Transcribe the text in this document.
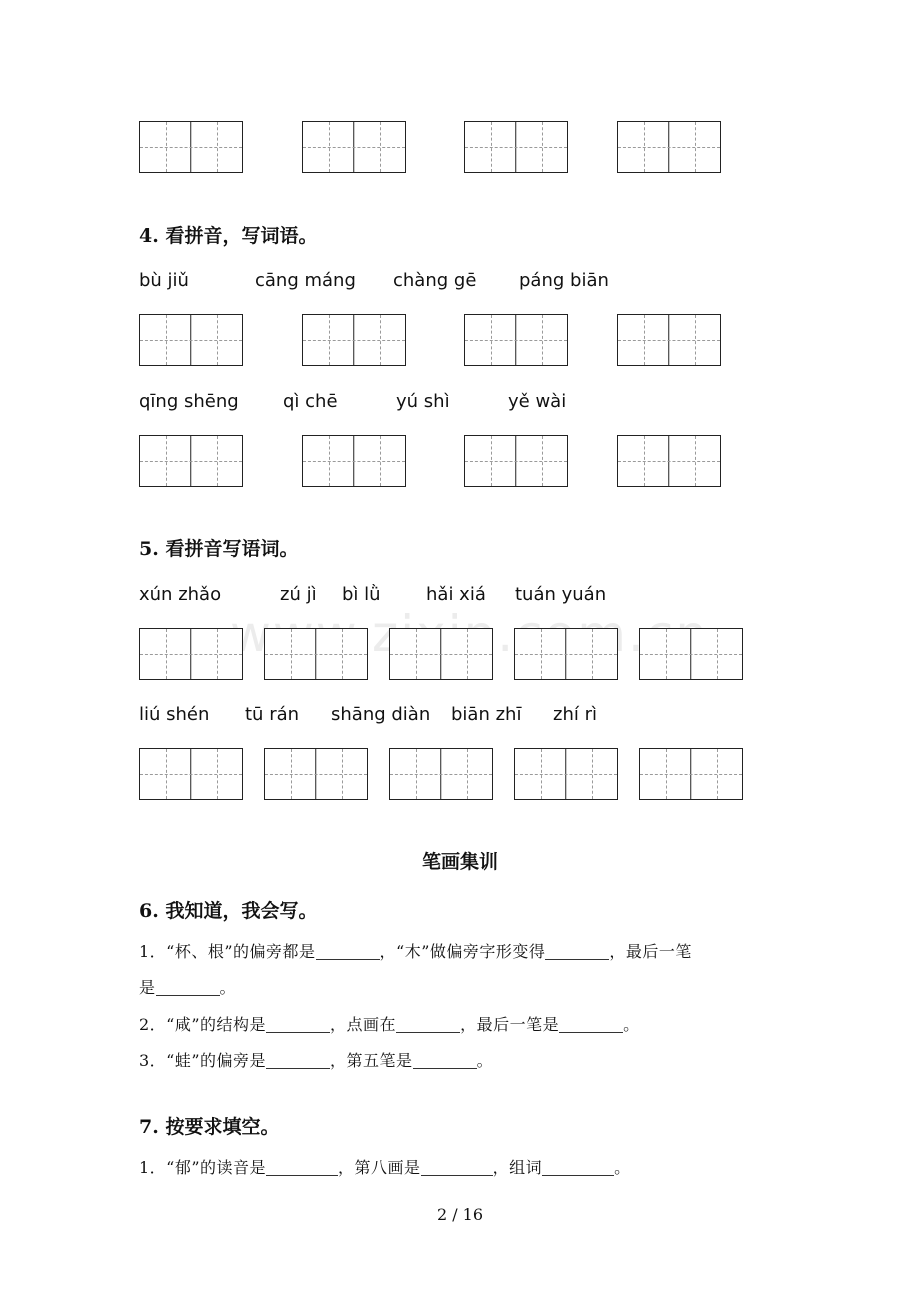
4. 看拼音，写词语。
bù jiǔ	cāng máng chàng gē páng biān
qīng shēng qì chē	yú shì	yě wài
5. 看拼音写语词。
xún zhǎo	zú jì bì lǜ	hǎi xiá tuán yuán
liú shén tū rán shāng diàn biān zhī zhí rì
笔画集训
6. 我知道，我会写。
1．“杯、根”的偏旁都是	，“木”做偏旁字形变得	，最后一笔
是	。
2．“咸”的结构是	，点画在	，最后一笔是	。
3．“蛙”的偏旁是	，第五笔是	。
7. 按要求填空。
1．“郁”的读音是	，第八画是	，组词	。
2 / 16
